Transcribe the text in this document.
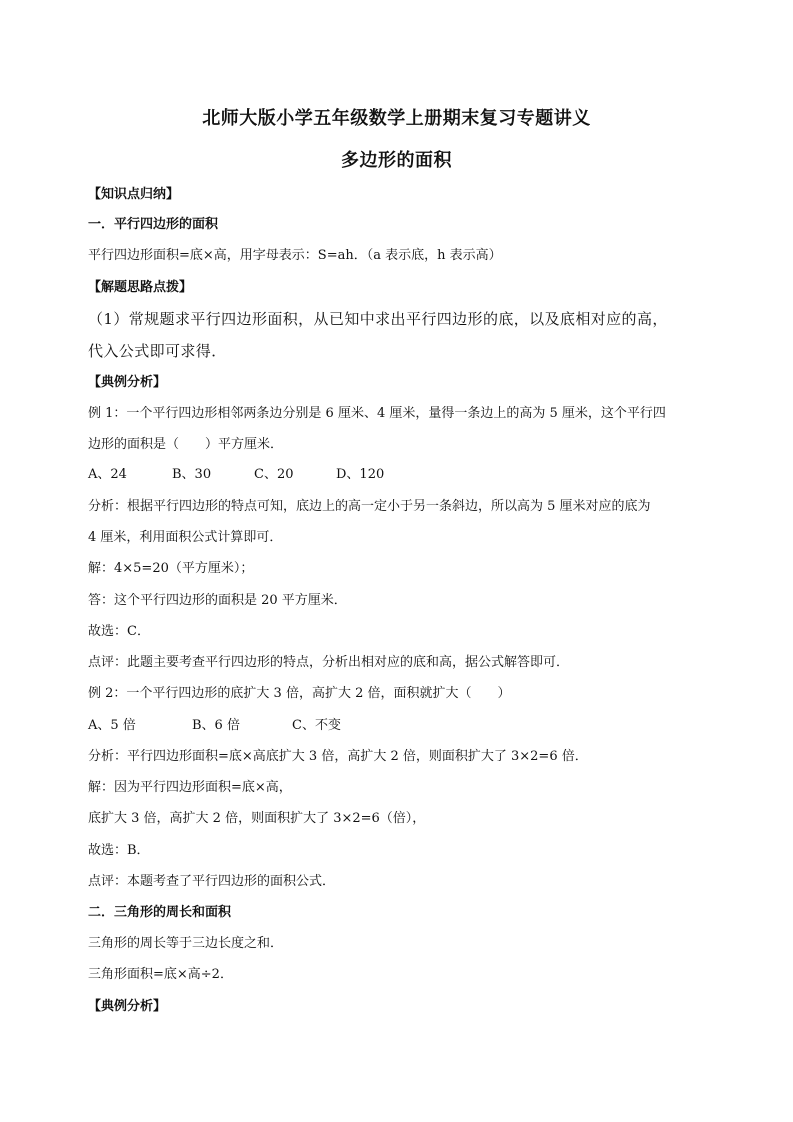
北师大版小学五年级数学上册期末复习专题讲义
多边形的面积
【知识点归纳】
一．平行四边形的面积
平行四边形面积=底×高，用字母表示：S=ah．（a 表示底，h 表示高）
【解题思路点拨】
（1）常规题求平行四边形面积，从已知中求出平行四边形的底，以及底相对应的高，
代入公式即可求得．
【典例分析】
例 1：一个平行四边形相邻两条边分别是 6 厘米、4 厘米，量得一条边上的高为 5 厘米，这个平行四
边形的面积是（　　）平方厘米．
A、24	B、30	C、20	D、120
分析：根据平行四边形的特点可知，底边上的高一定小于另一条斜边，所以高为 5 厘米对应的底为
4 厘米，利用面积公式计算即可．
解：4×5=20（平方厘米）；
答：这个平行四边形的面积是 20 平方厘米．
故选：C．
点评：此题主要考查平行四边形的特点，分析出相对应的底和高，据公式解答即可．
例 2：一个平行四边形的底扩大 3 倍，高扩大 2 倍，面积就扩大（　　）
A、5 倍	B、6 倍	C、不变
分析：平行四边形面积=底×高底扩大 3 倍，高扩大 2 倍，则面积扩大了 3×2=6 倍．
解：因为平行四边形面积=底×高，
底扩大 3 倍，高扩大 2 倍，则面积扩大了 3×2=6（倍），
故选：B．
点评：本题考查了平行四边形的面积公式．
二．三角形的周长和面积
三角形的周长等于三边长度之和．
三角形面积=底×高÷2．
【典例分析】
